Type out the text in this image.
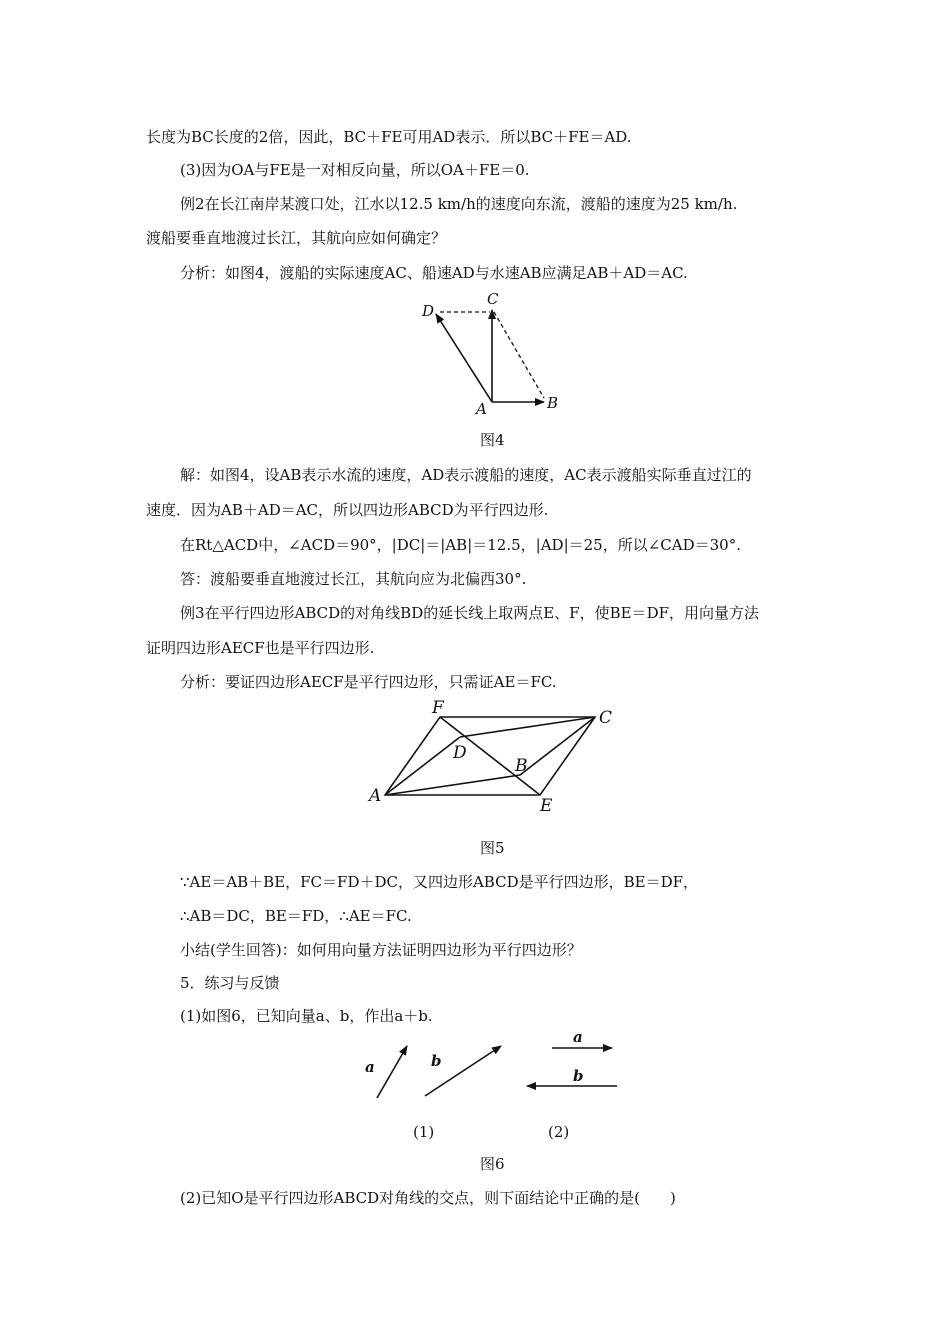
长度为BC长度的2倍，因此，BC＋FE可用AD表示．所以BC＋FE＝AD.
(3)因为OA与FE是一对相反向量，所以OA＋FE＝0.
例2在长江南岸某渡口处，江水以12.5 km/h的速度向东流，渡船的速度为25 km/h.
渡船要垂直地渡过长江，其航向应如何确定？
分析：如图4，渡船的实际速度AC、船速AD与水速AB应满足AB＋AD＝AC.
A	B
C
D
图4
解：如图4，设AB表示水流的速度，AD表示渡船的速度，AC表示渡船实际垂直过江的
速度．因为AB＋AD＝AC，所以四边形ABCD为平行四边形.
在Rt△ACD中，∠ACD＝90°，|DC|＝|AB|＝12.5，|AD|＝25，所以∠CAD＝30°.
答：渡船要垂直地渡过长江，其航向应为北偏西30°.
例3在平行四边形ABCD的对角线BD的延长线上取两点E、F，使BE＝DF，用向量方法
证明四边形AECF也是平行四边形.
分析：要证四边形AECF是平行四边形，只需证AE＝FC.
A
F	C
D
B
E
图5
∵AE＝AB＋BE，FC＝FD＋DC，又四边形ABCD是平行四边形，BE＝DF，
∴AB＝DC，BE＝FD，∴AE＝FC.
小结(学生回答)：如何用向量方法证明四边形为平行四边形？
5．练习与反馈
(1)如图6，已知向量a、b，作出a＋b.
a	b
a
b
(1)	(2)
图6
(2)已知O是平行四边形ABCD对角线的交点，则下面结论中正确的是(　　)
